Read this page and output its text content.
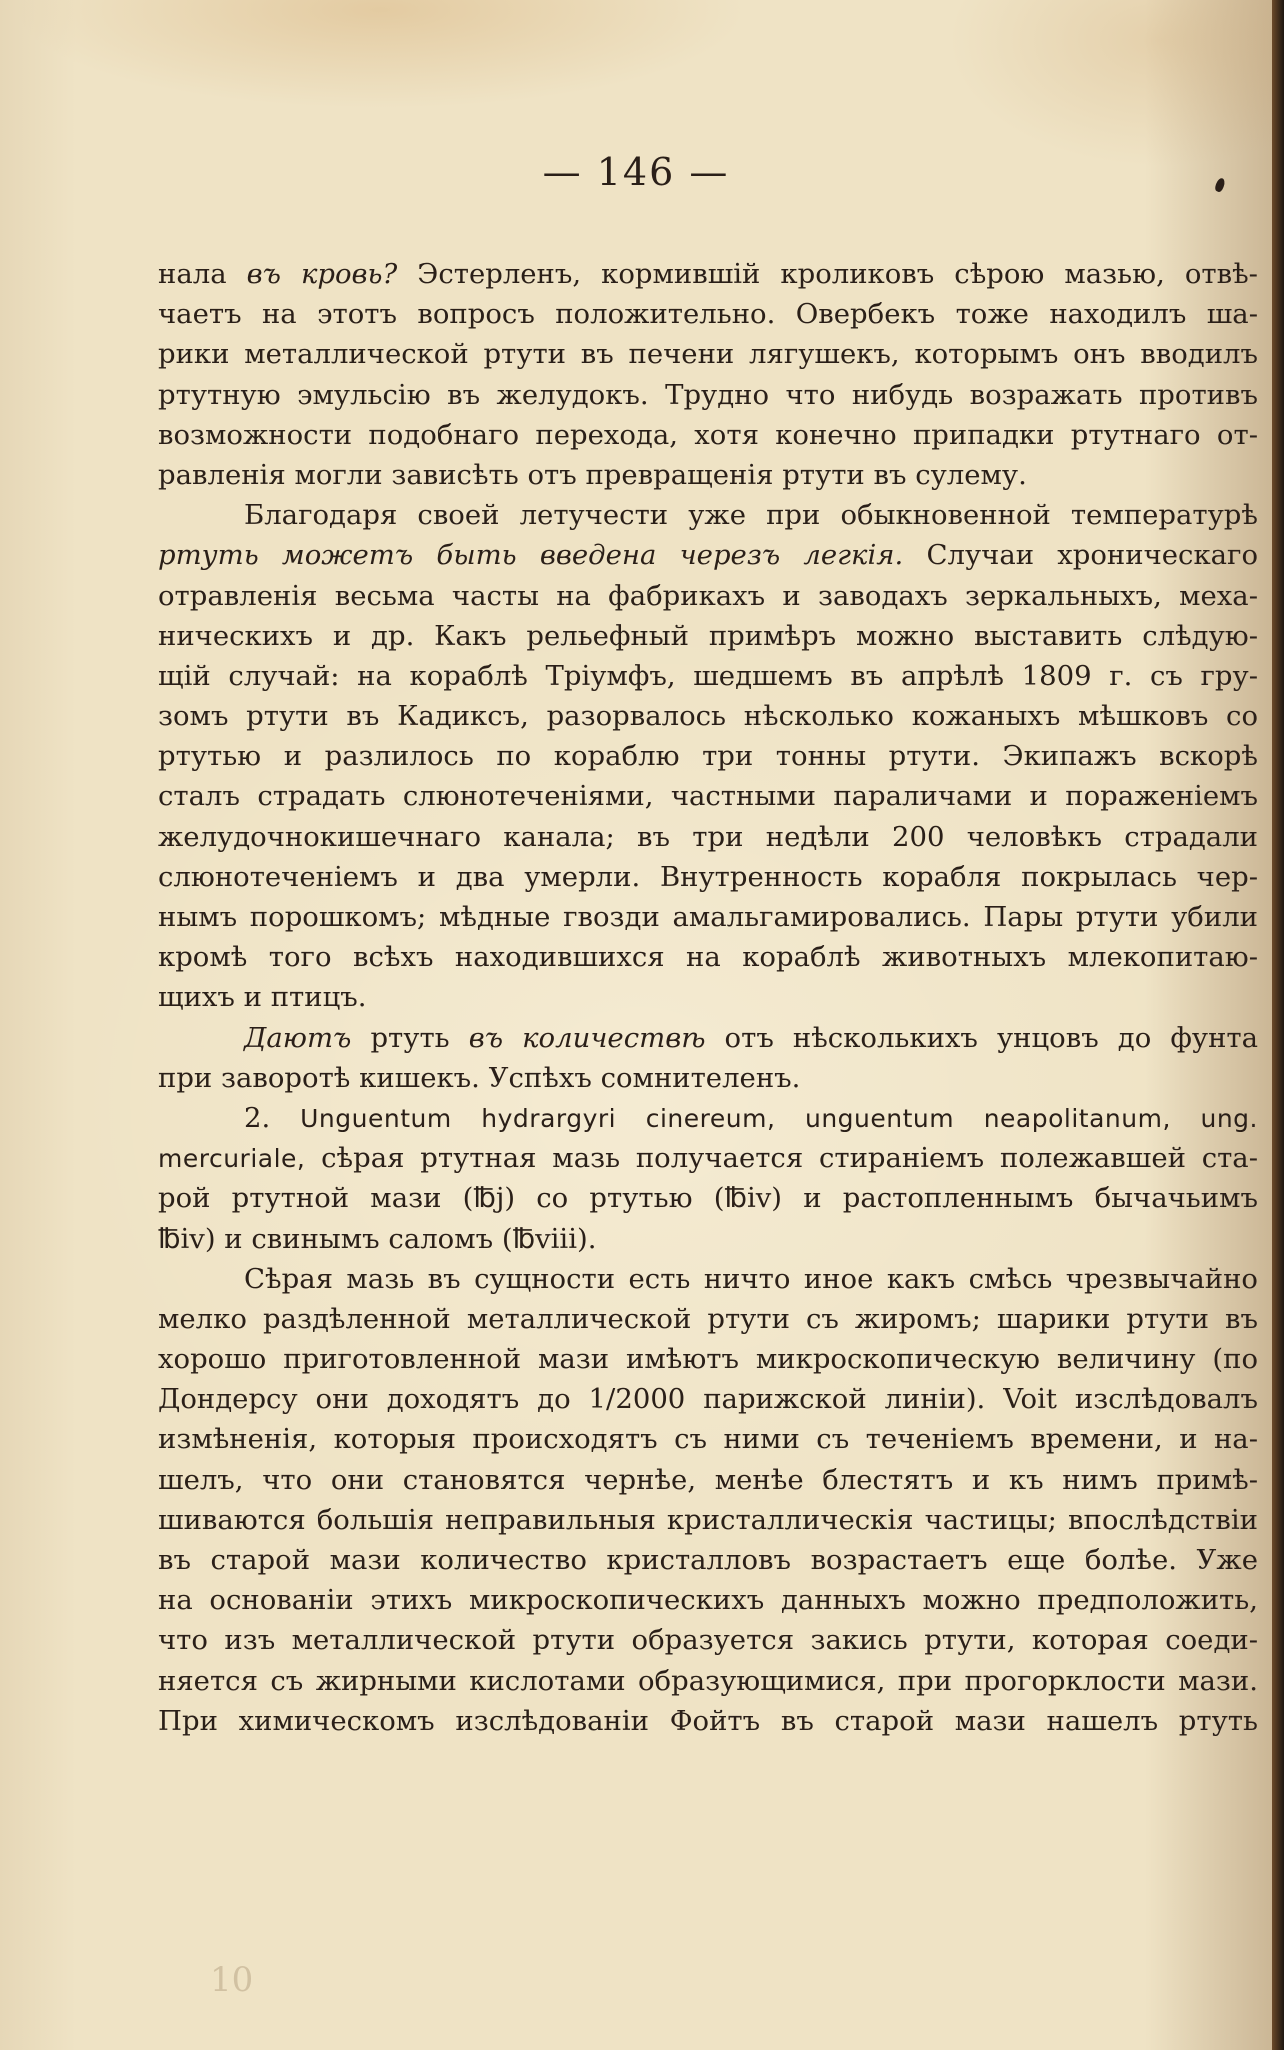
— 146 —
нала въ кровь? Эстерленъ, кормившій кроликовъ сѣрою мазью, отвѣ-
чаетъ на этотъ вопросъ положительно. Овербекъ тоже находилъ ша-
рики металлической ртути въ печени лягушекъ, которымъ онъ вводилъ
ртутную эмульсію въ желудокъ. Трудно что нибудь возражать противъ
возможности подобнаго перехода, хотя конечно припадки ртутнаго от-
равленія могли зависѣть отъ превращенія ртути въ сулему.
Благодаря своей летучести уже при обыкновенной температурѣ
ртуть можетъ быть введена черезъ легкія. Случаи хроническаго
отравленія весьма часты на фабрикахъ и заводахъ зеркальныхъ, меха-
ническихъ и др. Какъ рельефный примѣръ можно выставить слѣдую-
щій случай: на кораблѣ Тріумфъ, шедшемъ въ апрѣлѣ 1809 г. съ гру-
зомъ ртути въ Кадиксъ, разорвалось нѣсколько кожаныхъ мѣшковъ со
ртутью и разлилось по кораблю три тонны ртути. Экипажъ вскорѣ
сталъ страдать слюнотеченіями, частными параличами и пораженіемъ
желудочнокишечнаго канала; въ три недѣли 200 человѣкъ страдали
слюнотеченіемъ и два умерли. Внутренность корабля покрылась чер-
нымъ порошкомъ; мѣдные гвозди амальгамировались. Пары ртути убили
кромѣ того всѣхъ находившихся на кораблѣ животныхъ млекопитаю-
щихъ и птицъ.
Даютъ ртуть въ количествѣ отъ нѣсколькихъ унцовъ до фунта
при заворотѣ кишекъ. Успѣхъ сомнителенъ.
2. Unguentum hydrargyri cinereum, unguentum neapolitanum, ung.
mercuriale, сѣрая ртутная мазь получается стираніемъ полежавшей ста-
рой ртутной мази (℔j) со ртутью (℔iv) и растопленнымъ бычачьимъ
℔iv) и свинымъ саломъ (℔viii).
Сѣрая мазь въ сущности есть ничто иное какъ смѣсь чрезвычайно
мелко раздѣленной металлической ртути съ жиромъ; шарики ртути въ
хорошо приготовленной мази имѣютъ микроскопическую величину (по
Дондерсу они доходятъ до 1/2000 парижской линіи). Voit изслѣдовалъ
измѣненія, которыя происходятъ съ ними съ теченіемъ времени, и на-
шелъ, что они становятся чернѣе, менѣе блестятъ и къ нимъ примѣ-
шиваются большія неправильныя кристаллическія частицы; впослѣдствіи
въ старой мази количество кристалловъ возрастаетъ еще болѣе. Уже
на основаніи этихъ микроскопическихъ данныхъ можно предположить,
что изъ металлической ртути образуется закись ртути, которая соеди-
няется съ жирными кислотами образующимися, при прогорклости мази.
При химическомъ изслѣдованіи Фойтъ въ старой мази нашелъ ртуть
10
